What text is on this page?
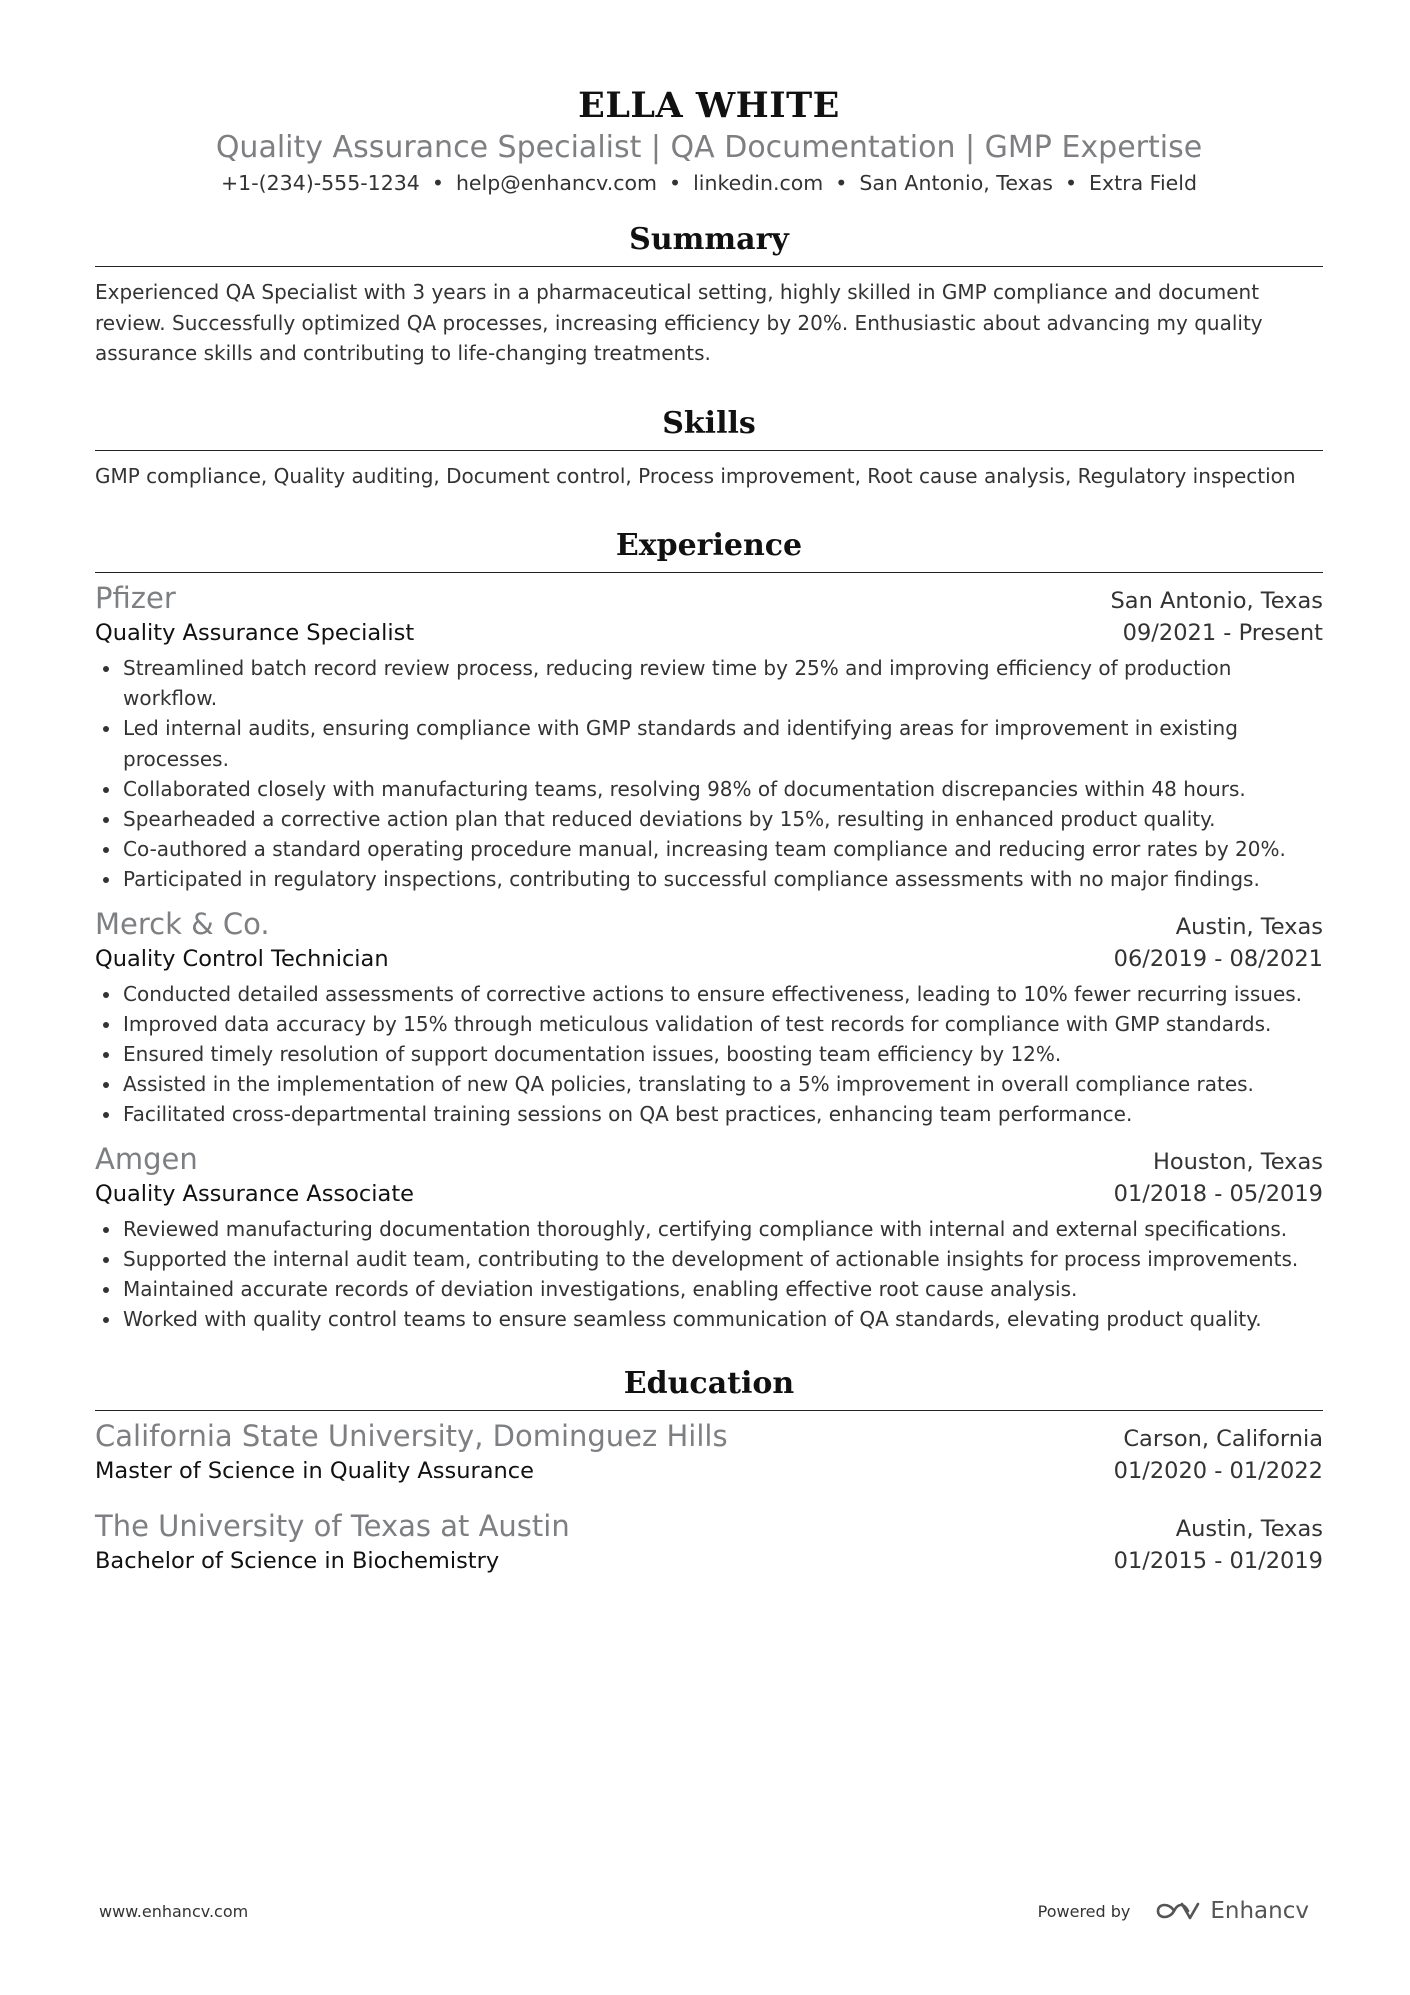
ELLA WHITE
Quality Assurance Specialist | QA Documentation | GMP Expertise
+1-(234)-555-1234 • help@enhancv.com • linkedin.com • San Antonio, Texas • Extra Field
Summary
Experienced QA Specialist with 3 years in a pharmaceutical setting, highly skilled in GMP compliance and document review. Successfully optimized QA processes, increasing efficiency by 20%. Enthusiastic about advancing my quality assurance skills and contributing to life-changing treatments.
Skills
GMP compliance, Quality auditing, Document control, Process improvement, Root cause analysis, Regulatory inspection
Experience
Pfizer	San Antonio, Texas
Quality Assurance Specialist	09/2021 - Present
Streamlined batch record review process, reducing review time by 25% and improving efficiency of production workflow.
Led internal audits, ensuring compliance with GMP standards and identifying areas for improvement in existing processes.
Collaborated closely with manufacturing teams, resolving 98% of documentation discrepancies within 48 hours.
Spearheaded a corrective action plan that reduced deviations by 15%, resulting in enhanced product quality.
Co-authored a standard operating procedure manual, increasing team compliance and reducing error rates by 20%.
Participated in regulatory inspections, contributing to successful compliance assessments with no major findings.
Merck & Co.	Austin, Texas
Quality Control Technician	06/2019 - 08/2021
Conducted detailed assessments of corrective actions to ensure effectiveness, leading to 10% fewer recurring issues.
Improved data accuracy by 15% through meticulous validation of test records for compliance with GMP standards.
Ensured timely resolution of support documentation issues, boosting team efficiency by 12%.
Assisted in the implementation of new QA policies, translating to a 5% improvement in overall compliance rates.
Facilitated cross-departmental training sessions on QA best practices, enhancing team performance.
Amgen	Houston, Texas
Quality Assurance Associate	01/2018 - 05/2019
Reviewed manufacturing documentation thoroughly, certifying compliance with internal and external specifications.
Supported the internal audit team, contributing to the development of actionable insights for process improvements.
Maintained accurate records of deviation investigations, enabling effective root cause analysis.
Worked with quality control teams to ensure seamless communication of QA standards, elevating product quality.
Education
California State University, Dominguez Hills	Carson, California
Master of Science in Quality Assurance	01/2020 - 01/2022
The University of Texas at Austin	Austin, Texas
Bachelor of Science in Biochemistry	01/2015 - 01/2019
www.enhancv.com	Powered by	Enhancv
